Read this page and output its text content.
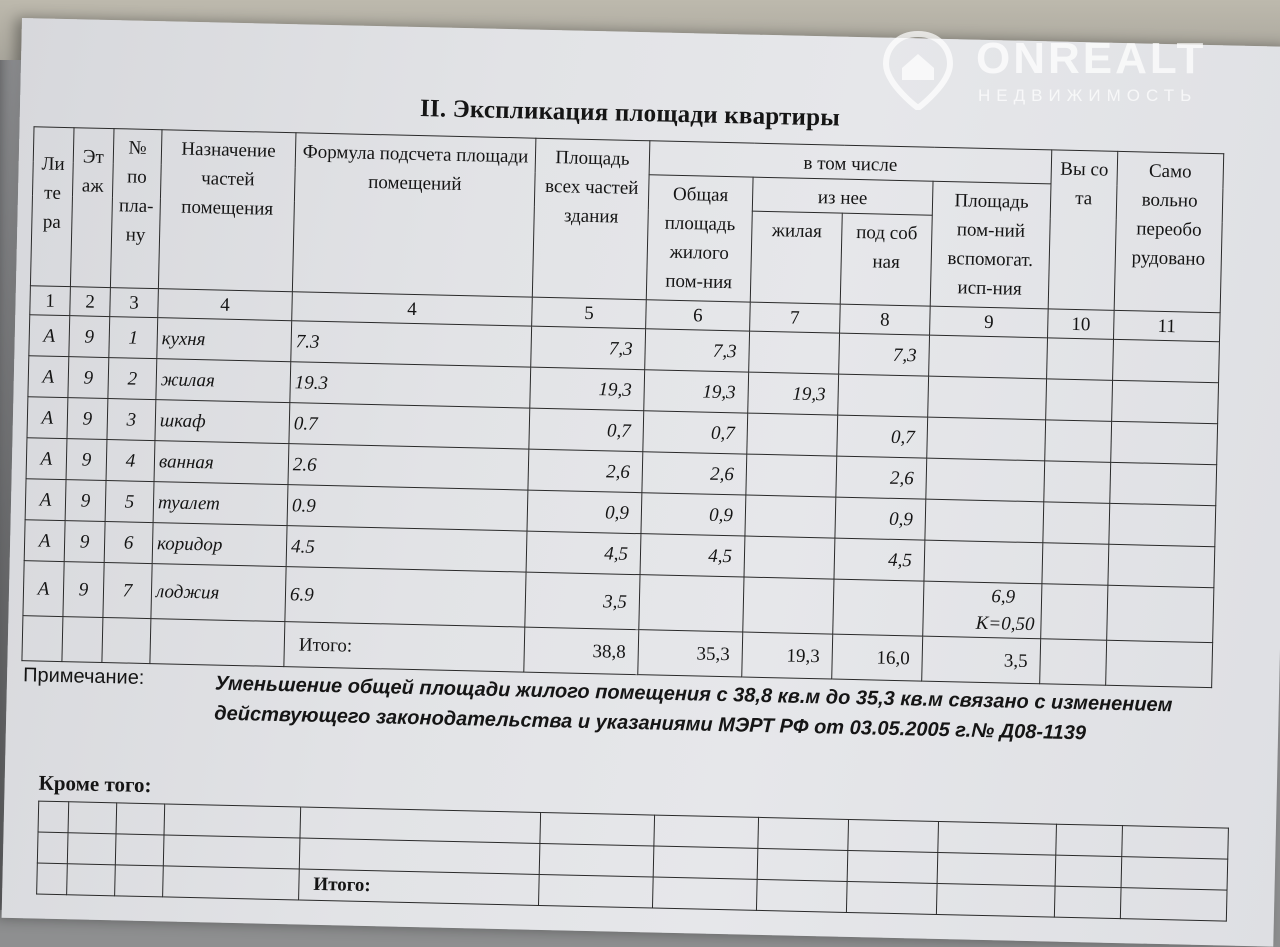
II. Экспликация площади квартиры
Ли те ра	Эт аж	№ по пла- ну	Назначение частей помещения	Формула подсчета площади помещений	Площадь всех частей здания	в том числе				Вы со та	Само вольно переобо рудовано
						Общая площадь жилого пом-ния	из нее		Площадь пом-ний вспомогат. исп-ния		
							жилая	под соб ная			
1	2	3	4	4	5	6	7	8	9	10	11
А	9	1	кухня	7.3	7,3	7,3		7,3			
А	9	2	жилая	19.3	19,3	19,3	19,3				
А	9	3	шкаф	0.7	0,7	0,7		0,7			
А	9	4	ванная	2.6	2,6	2,6		2,6			
А	9	5	туалет	0.9	0,9	0,9		0,9			
А	9	6	коридор	4.5	4,5	4,5		4,5			
А	9	7	лоджия	6.9	3,5				6,9
К=0,50		

				Итого:	38,8	35,3	19,3	16,0	3,5		
Примечание:	Уменьшение общей площади жилого помещения с 38,8 кв.м до 35,3 кв.м связано с изменением действующего законодательства и указаниями МЭРТ РФ от 03.05.2005 г.№ Д08-1139
Кроме того:

				Итого:							
ONREALT
НЕДВИЖИМОСТЬ
